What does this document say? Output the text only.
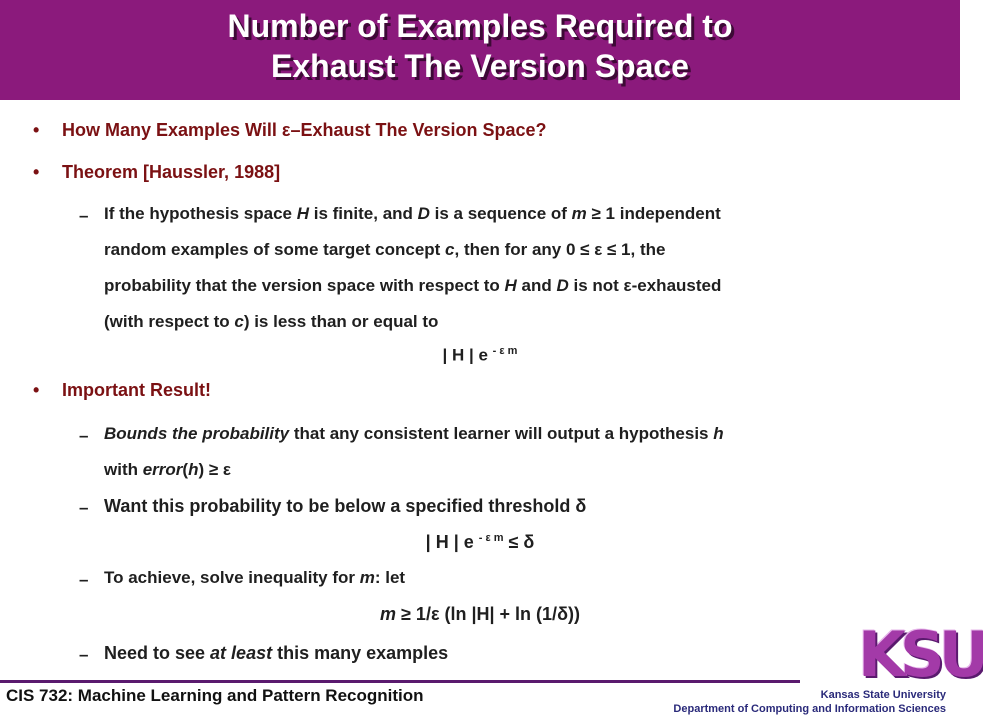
Number of Examples Required to
Exhaust The Version Space
• How Many Examples Will ε–Exhaust The Version Space?
• Theorem [Haussler, 1988]
– If the hypothesis space H is finite, and D is a sequence of m ≥ 1 independent
random examples of some target concept c, then for any 0 ≤ ε ≤ 1, the
probability that the version space with respect to H and D is not ε-exhausted
(with respect to c) is less than or equal to
| H | e $^{- \varepsilon m}$
• Important Result!
– Bounds the probability that any consistent learner will output a hypothesis h
with error(h) ≥ ε
– Want this probability to be below a specified threshold δ
| H | e $^{- \varepsilon m}$ ≤ δ
– To achieve, solve inequality for m: let
m ≥ 1/ε (ln |H| + ln (1/δ))
– Need to see at least this many examples
CIS 732: Machine Learning and Pattern Recognition	Kansas State University
Department of Computing and Information Sciences
KSU
